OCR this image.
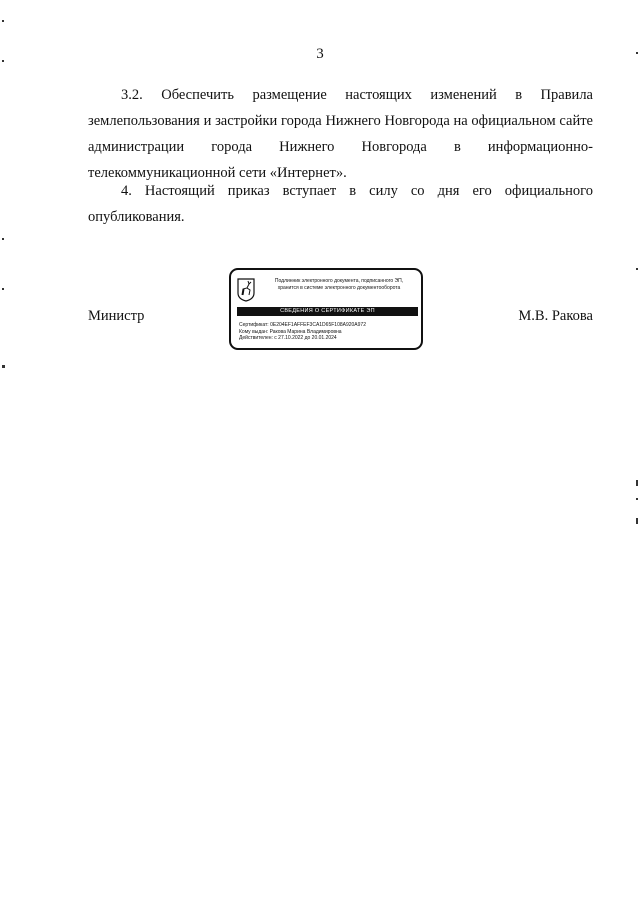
3
3.2. Обеспечить размещение настоящих изменений в Правила
землепользования и застройки города Нижнего Новгорода на официальном сайте
администрации города Нижнего Новгорода в информационно-
телекоммуникационной сети «Интернет».
4. Настоящий приказ вступает в силу со дня его официального
опубликования.
Министр	М.В. Ракова
Подлинник электронного документа, подписанного ЭП,
хранится в системе электронного документооборота
СВЕДЕНИЯ О СЕРТИФИКАТЕ ЭП
Сертификат: 0E204EF1AFFEF3CA1D65F108A920A972
Кому выдан: Ракова Марина Владимировна
Действителен: с 27.10.2022 до 20.01.2024
